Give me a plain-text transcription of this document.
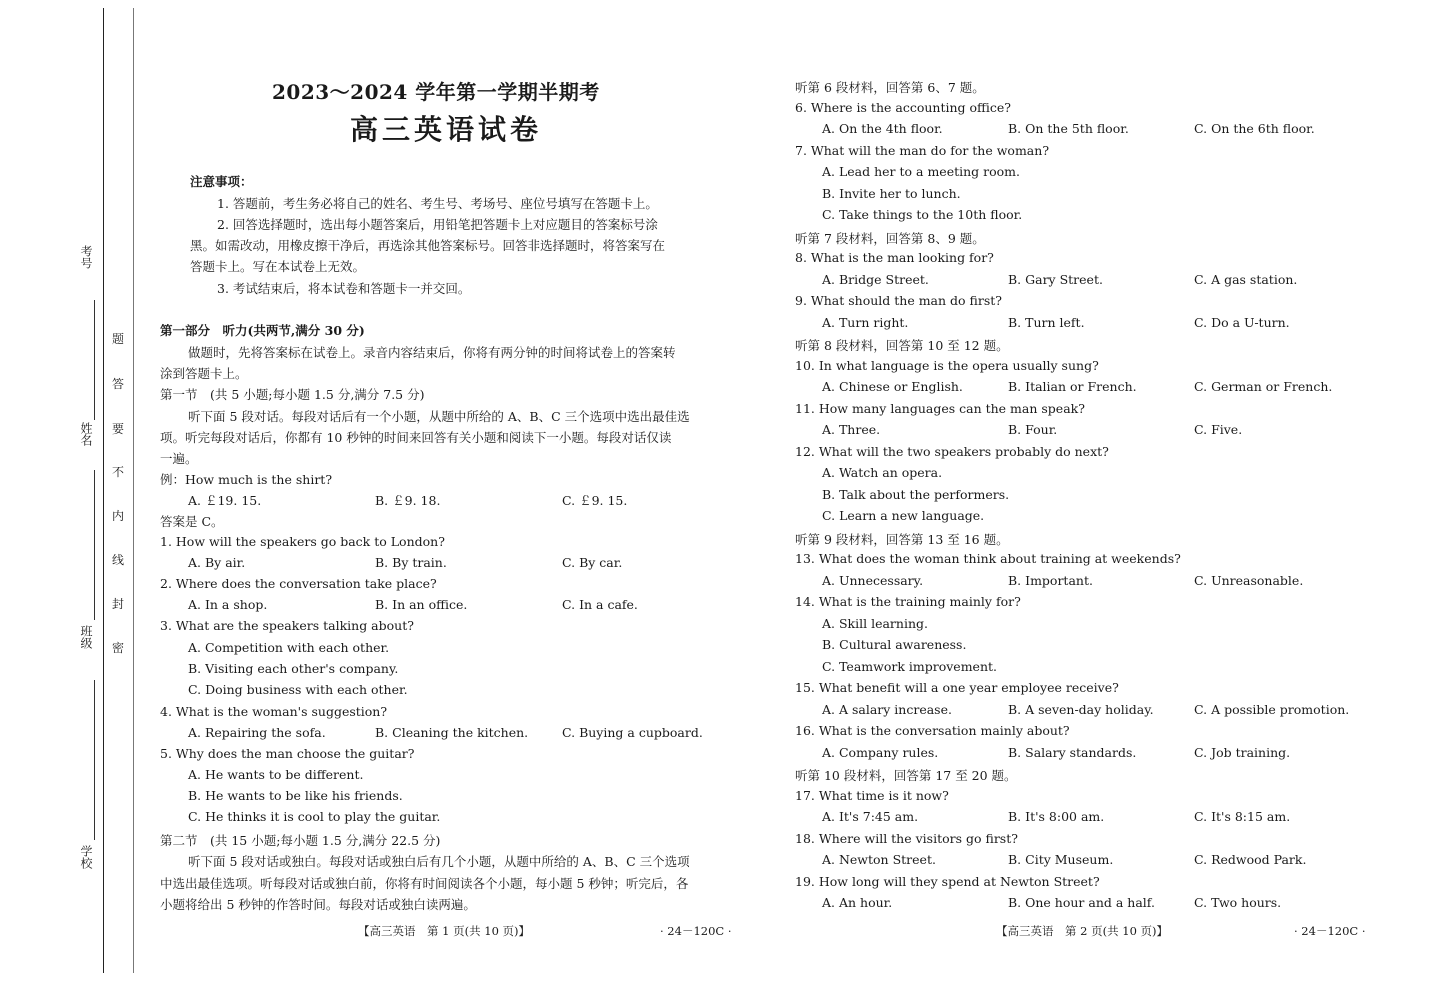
考号
姓名
班级
学校
题
答
要
不
内
线
封
密
2023～2024 学年第一学期半期考
高三英语试卷
注意事项：
1. 答题前，考生务必将自己的姓名、考生号、考场号、座位号填写在答题卡上。
2. 回答选择题时，选出每小题答案后，用铅笔把答题卡上对应题目的答案标号涂
黑。如需改动，用橡皮擦干净后，再选涂其他答案标号。回答非选择题时，将答案写在
答题卡上。写在本试卷上无效。
3. 考试结束后，将本试卷和答题卡一并交回。
第一部分　听力(共两节,满分 30 分)
做题时，先将答案标在试卷上。录音内容结束后，你将有两分钟的时间将试卷上的答案转
涂到答题卡上。
第一节　(共 5 小题;每小题 1.5 分,满分 7.5 分)
听下面 5 段对话。每段对话后有一个小题，从题中所给的 A、B、C 三个选项中选出最佳选
项。听完每段对话后，你都有 10 秒钟的时间来回答有关小题和阅读下一小题。每段对话仅读
一遍。
例：How much is the shirt?
A. ￡19. 15.	B. ￡9. 18.	C. ￡9. 15.
答案是 C。
1. How will the speakers go back to London?
A. By air.	B. By train.	C. By car.
2. Where does the conversation take place?
A. In a shop.	B. In an office.	C. In a cafe.
3. What are the speakers talking about?
A. Competition with each other.
B. Visiting each other's company.
C. Doing business with each other.
4. What is the woman's suggestion?
A. Repairing the sofa.	B. Cleaning the kitchen.	C. Buying a cupboard.
5. Why does the man choose the guitar?
A. He wants to be different.
B. He wants to be like his friends.
C. He thinks it is cool to play the guitar.
第二节　(共 15 小题;每小题 1.5 分,满分 22.5 分)
听下面 5 段对话或独白。每段对话或独白后有几个小题，从题中所给的 A、B、C 三个选项
中选出最佳选项。听每段对话或独白前，你将有时间阅读各个小题，每小题 5 秒钟；听完后，各
小题将给出 5 秒钟的作答时间。每段对话或独白读两遍。
【高三英语　第 1 页(共 10 页)】	· 24－120C ·
听第 6 段材料，回答第 6、7 题。
6. Where is the accounting office?
A. On the 4th floor.	B. On the 5th floor.	C. On the 6th floor.
7. What will the man do for the woman?
A. Lead her to a meeting room.
B. Invite her to lunch.
C. Take things to the 10th floor.
听第 7 段材料，回答第 8、9 题。
8. What is the man looking for?
A. Bridge Street.	B. Gary Street.	C. A gas station.
9. What should the man do first?
A. Turn right.	B. Turn left.	C. Do a U-turn.
听第 8 段材料，回答第 10 至 12 题。
10. In what language is the opera usually sung?
A. Chinese or English.	B. Italian or French.	C. German or French.
11. How many languages can the man speak?
A. Three.	B. Four.	C. Five.
12. What will the two speakers probably do next?
A. Watch an opera.
B. Talk about the performers.
C. Learn a new language.
听第 9 段材料，回答第 13 至 16 题。
13. What does the woman think about training at weekends?
A. Unnecessary.	B. Important.	C. Unreasonable.
14. What is the training mainly for?
A. Skill learning.
B. Cultural awareness.
C. Teamwork improvement.
15. What benefit will a one year employee receive?
A. A salary increase.	B. A seven-day holiday.	C. A possible promotion.
16. What is the conversation mainly about?
A. Company rules.	B. Salary standards.	C. Job training.
听第 10 段材料，回答第 17 至 20 题。
17. What time is it now?
A. It's 7:45 am.	B. It's 8:00 am.	C. It's 8:15 am.
18. Where will the visitors go first?
A. Newton Street.	B. City Museum.	C. Redwood Park.
19. How long will they spend at Newton Street?
A. An hour.	B. One hour and a half.	C. Two hours.
【高三英语　第 2 页(共 10 页)】	· 24－120C ·
